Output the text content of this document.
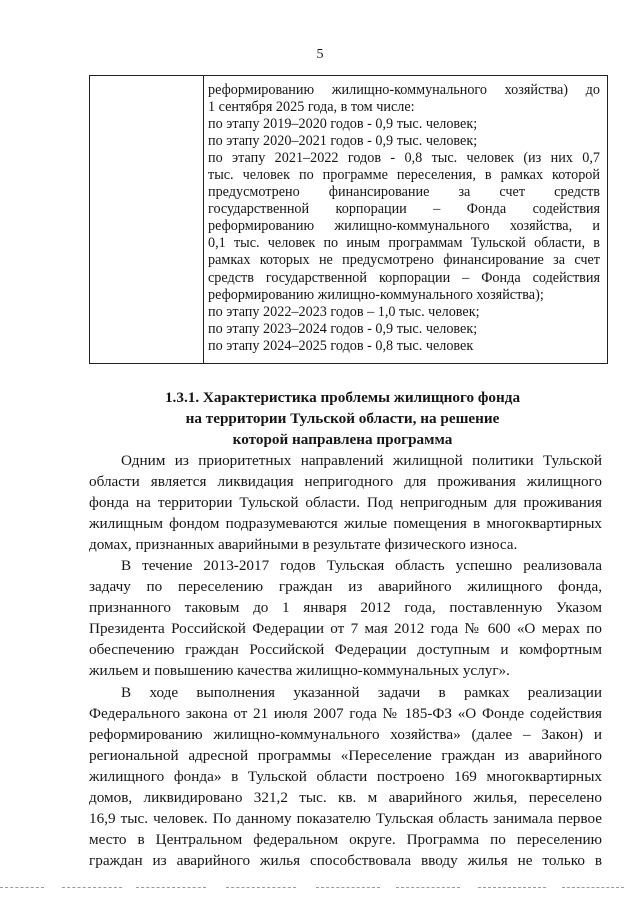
5
реформированию жилищно-коммунального хозяйства) до
1 сентября 2025 года, в том числе:
по этапу 2019–2020 годов - 0,9 тыс. человек;
по этапу 2020–2021 годов - 0,9 тыс. человек;
по этапу 2021–2022 годов - 0,8 тыс. человек (из них 0,7
тыс. человек по программе переселения, в рамках которой
предусмотрено финансирование за счет средств
государственной корпорации – Фонда содействия
реформированию жилищно-коммунального хозяйства, и
0,1 тыс. человек по иным программам Тульской области, в
рамках которых не предусмотрено финансирование за счет
средств государственной корпорации – Фонда содействия
реформированию жилищно-коммунального хозяйства);
по этапу 2022–2023 годов – 1,0 тыс. человек;
по этапу 2023–2024 годов - 0,9 тыс. человек;
по этапу 2024–2025 годов - 0,8 тыс. человек
1.3.1. Характеристика проблемы жилищного фонда
на территории Тульской области, на решение
которой направлена программа
Одним из приоритетных направлений жилищной политики Тульской
области является ликвидация непригодного для проживания жилищного
фонда на территории Тульской области. Под непригодным для проживания
жилищным фондом подразумеваются жилые помещения в многоквартирных
домах, признанных аварийными в результате физического износа.
В течение 2013-2017 годов Тульская область успешно реализовала
задачу по переселению граждан из аварийного жилищного фонда,
признанного таковым до 1 января 2012 года, поставленную Указом
Президента Российской Федерации от 7 мая 2012 года № 600 «О мерах по
обеспечению граждан Российской Федерации доступным и комфортным
жильем и повышению качества жилищно-коммунальных услуг».
В ходе выполнения указанной задачи в рамках реализации
Федерального закона от 21 июля 2007 года № 185-ФЗ «О Фонде содействия
реформированию жилищно-коммунального хозяйства» (далее – Закон) и
региональной адресной программы «Переселение граждан из аварийного
жилищного фонда» в Тульской области построено 169 многоквартирных
домов, ликвидировано 321,2 тыс. кв. м аварийного жилья, переселено
16,9 тыс. человек. По данному показателю Тульская область занимала первое
место в Центральном федеральном округе. Программа по переселению
граждан из аварийного жилья способствовала вводу жилья не только в
